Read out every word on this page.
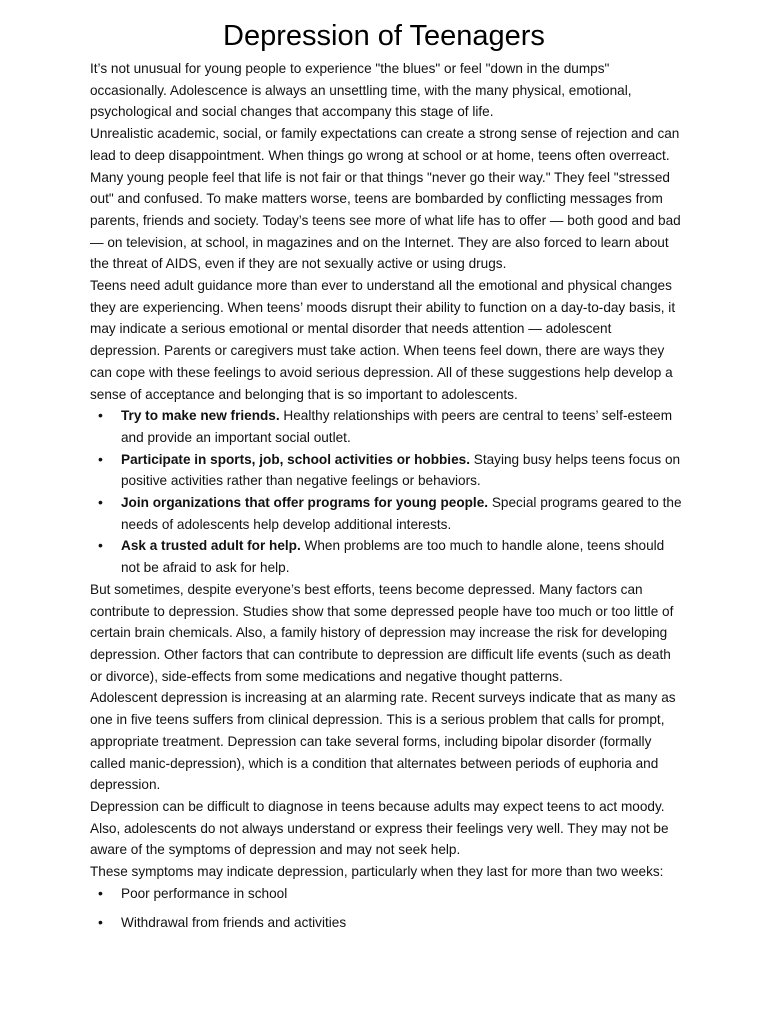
Depression of Teenagers

It’s not unusual for young people to experience "the blues" or feel "down in the dumps" occasionally. Adolescence is always an unsettling time, with the many physical, emotional, psychological and social changes that accompany this stage of life.

Unrealistic academic, social, or family expectations can create a strong sense of rejection and can lead to deep disappointment. When things go wrong at school or at home, teens often overreact. Many young people feel that life is not fair or that things "never go their way." They feel "stressed out" and confused. To make matters worse, teens are bombarded by conflicting messages from parents, friends and society. Today’s teens see more of what life has to offer — both good and bad — on television, at school, in magazines and on the Internet. They are also forced to learn about the threat of AIDS, even if they are not sexually active or using drugs.

Teens need adult guidance more than ever to understand all the emotional and physical changes they are experiencing. When teens’ moods disrupt their ability to function on a day-to-day basis, it may indicate a serious emotional or mental disorder that needs attention — adolescent depression. Parents or caregivers must take action. When teens feel down, there are ways they can cope with these feelings to avoid serious depression. All of these suggestions help develop a sense of acceptance and belonging that is so important to adolescents.

• Try to make new friends. Healthy relationships with peers are central to teens’ self-esteem and provide an important social outlet.
• Participate in sports, job, school activities or hobbies. Staying busy helps teens focus on positive activities rather than negative feelings or behaviors.
• Join organizations that offer programs for young people. Special programs geared to the needs of adolescents help develop additional interests.
• Ask a trusted adult for help. When problems are too much to handle alone, teens should not be afraid to ask for help.

But sometimes, despite everyone’s best efforts, teens become depressed. Many factors can contribute to depression. Studies show that some depressed people have too much or too little of certain brain chemicals. Also, a family history of depression may increase the risk for developing depression. Other factors that can contribute to depression are difficult life events (such as death or divorce), side-effects from some medications and negative thought patterns.

Adolescent depression is increasing at an alarming rate. Recent surveys indicate that as many as one in five teens suffers from clinical depression. This is a serious problem that calls for prompt, appropriate treatment. Depression can take several forms, including bipolar disorder (formally called manic-depression), which is a condition that alternates between periods of euphoria and depression.

Depression can be difficult to diagnose in teens because adults may expect teens to act moody. Also, adolescents do not always understand or express their feelings very well. They may not be aware of the symptoms of depression and may not seek help.

These symptoms may indicate depression, particularly when they last for more than two weeks:

• Poor performance in school
• Withdrawal from friends and activities
